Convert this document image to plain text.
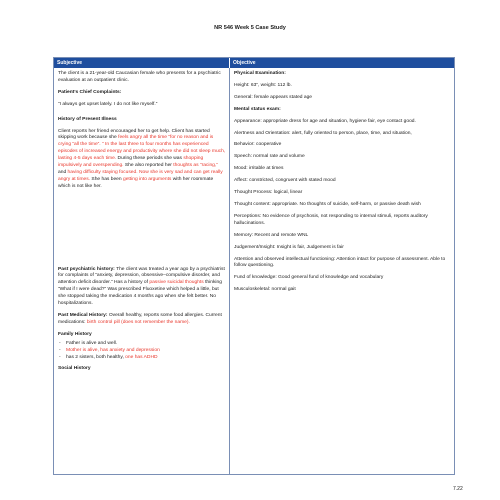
NR 546 Week 5 Case Study
Subjective	Objective

The client is a 21-year-old Caucasian female who presents for a psychiatric evaluation at an outpatient clinic.

Patient’s Chief Complaints:

“I always get upset lately. I do not like myself.”

History of Present Illness

Client reports her friend encouraged her to get help. Client has started skipping work because she feels angry all the time “for no reason and is crying “all the time”. ” In the last three to four months has experienced episodes of increased energy and productivity where she did not sleep much, lasting 4-5 days each time. During these periods she was shopping impulsively and overspending. She also reported her thoughts as “racing,” and having difficulty staying focused. Now she is very sad and can get really angry at times. She has been getting into arguments with her roommate which is not like her.

Past psychiatric history: The client was treated a year ago by a psychiatrist for complaints of “anxiety, depression, obsessive–compulsive disorder, and attention deficit disorder.” Has a history of passive suicidal thoughts thinking “What if I were dead?” Was prescribed Fluoxetine which helped a little, but she stopped taking the medication 4 months ago when she felt better. No hospitalizations.

Past Medical History: Overall healthy, reports some food allergies. Current medications: birth control pill (does not remember the name).

Family History

- Father is alive and well.
- Mother is alive, has anxiety and depression
- has 2 sisters, both healthy, one has ADHD

Social History

Physical Examination:

Height: 63”, weight: 112 lb.

General: female appears stated age

Mental status exam:

Appearance: appropriate dress for age and situation, hygiene fair, eye contact good.

Alertness and Orientation: alert, fully oriented to person, place, time, and situation,

Behavior: cooperative

Speech: normal rate and volume

Mood: irritable at times

Affect: constricted, congruent with stated mood

Thought Process: logical, linear

Thought content: appropriate. No thoughts of suicide, self-harm, or passive death wish

Perceptions: No evidence of psychosis, not responding to internal stimuli, reports auditory hallucinations.

Memory: Recent and remote WNL

Judgement/Insight: Insight is fair, Judgement is fair

Attention and observed intellectual functioning: Attention intact for purpose of assessment. Able to follow questioning.

Fund of knowledge: Good general fund of knowledge and vocabulary

Musculoskeletal: normal gait

7.22
